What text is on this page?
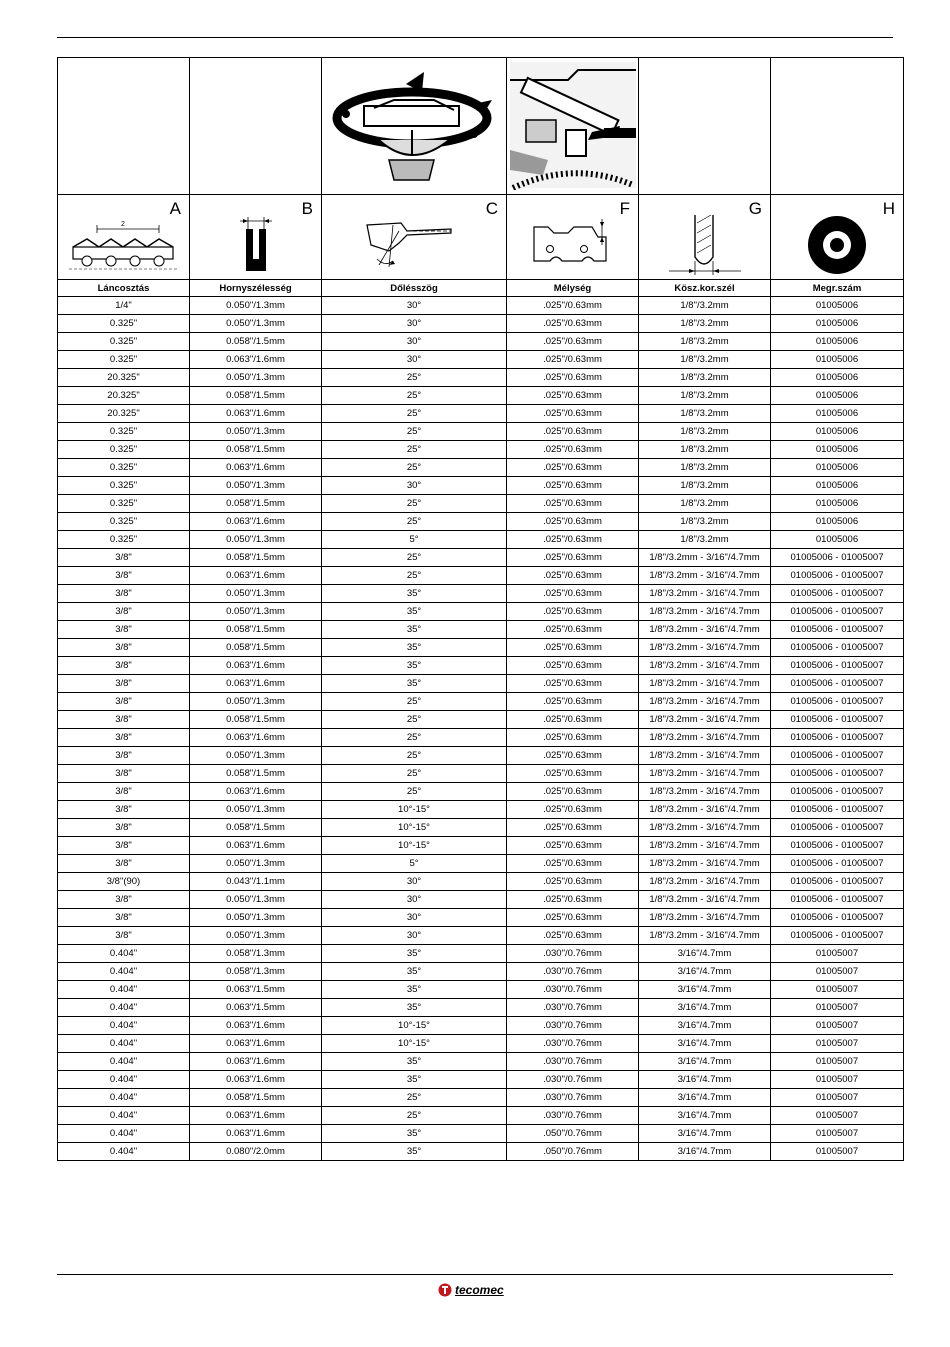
A
2	B	C	F	G	H

Láncosztás	Hornyszélesség	Dőlésszög	Mélység	Kösz.kor.szél	Megr.szám
1/4"	0.050"/1.3mm	30°	.025"/0.63mm	1/8"/3.2mm	01005006
0.325"	0.050"/1.3mm	30°	.025"/0.63mm	1/8"/3.2mm	01005006
0.325"	0.058"/1.5mm	30°	.025"/0.63mm	1/8"/3.2mm	01005006
0.325"	0.063"/1.6mm	30°	.025"/0.63mm	1/8"/3.2mm	01005006
20.325"	0.050"/1.3mm	25°	.025"/0.63mm	1/8"/3.2mm	01005006
20.325"	0.058"/1.5mm	25°	.025"/0.63mm	1/8"/3.2mm	01005006
20.325"	0.063"/1.6mm	25°	.025"/0.63mm	1/8"/3.2mm	01005006
0.325"	0.050"/1.3mm	25°	.025"/0.63mm	1/8"/3.2mm	01005006
0.325"	0.058"/1.5mm	25°	.025"/0.63mm	1/8"/3.2mm	01005006
0.325"	0.063"/1.6mm	25°	.025"/0.63mm	1/8"/3.2mm	01005006
0.325"	0.050"/1.3mm	30°	.025"/0.63mm	1/8"/3.2mm	01005006
0.325"	0.058"/1.5mm	25°	.025"/0.63mm	1/8"/3.2mm	01005006
0.325"	0.063"/1.6mm	25°	.025"/0.63mm	1/8"/3.2mm	01005006
0.325"	0.050"/1.3mm	5°	.025"/0.63mm	1/8"/3.2mm	01005006
3/8"	0.058"/1.5mm	25°	.025"/0.63mm	1/8"/3.2mm - 3/16"/4.7mm	01005006 - 01005007
3/8"	0.063"/1.6mm	25°	.025"/0.63mm	1/8"/3.2mm - 3/16"/4.7mm	01005006 - 01005007
3/8"	0.050"/1.3mm	35°	.025"/0.63mm	1/8"/3.2mm - 3/16"/4.7mm	01005006 - 01005007
3/8"	0.050"/1.3mm	35°	.025"/0.63mm	1/8"/3.2mm - 3/16"/4.7mm	01005006 - 01005007
3/8"	0.058"/1.5mm	35°	.025"/0.63mm	1/8"/3.2mm - 3/16"/4.7mm	01005006 - 01005007
3/8"	0.058"/1.5mm	35°	.025"/0.63mm	1/8"/3.2mm - 3/16"/4.7mm	01005006 - 01005007
3/8"	0.063"/1.6mm	35°	.025"/0.63mm	1/8"/3.2mm - 3/16"/4.7mm	01005006 - 01005007
3/8"	0.063"/1.6mm	35°	.025"/0.63mm	1/8"/3.2mm - 3/16"/4.7mm	01005006 - 01005007
3/8"	0.050"/1.3mm	25°	.025"/0.63mm	1/8"/3.2mm - 3/16"/4.7mm	01005006 - 01005007
3/8"	0.058"/1.5mm	25°	.025"/0.63mm	1/8"/3.2mm - 3/16"/4.7mm	01005006 - 01005007
3/8"	0.063"/1.6mm	25°	.025"/0.63mm	1/8"/3.2mm - 3/16"/4.7mm	01005006 - 01005007
3/8"	0.050"/1.3mm	25°	.025"/0.63mm	1/8"/3.2mm - 3/16"/4.7mm	01005006 - 01005007
3/8"	0.058"/1.5mm	25°	.025"/0.63mm	1/8"/3.2mm - 3/16"/4.7mm	01005006 - 01005007
3/8"	0.063"/1.6mm	25°	.025"/0.63mm	1/8"/3.2mm - 3/16"/4.7mm	01005006 - 01005007
3/8"	0.050"/1.3mm	10°-15°	.025"/0.63mm	1/8"/3.2mm - 3/16"/4.7mm	01005006 - 01005007
3/8"	0.058"/1.5mm	10°-15°	.025"/0.63mm	1/8"/3.2mm - 3/16"/4.7mm	01005006 - 01005007
3/8"	0.063"/1.6mm	10°-15°	.025"/0.63mm	1/8"/3.2mm - 3/16"/4.7mm	01005006 - 01005007
3/8"	0.050"/1.3mm	5°	.025"/0.63mm	1/8"/3.2mm - 3/16"/4.7mm	01005006 - 01005007
3/8"(90)	0.043"/1.1mm	30°	.025"/0.63mm	1/8"/3.2mm - 3/16"/4.7mm	01005006 - 01005007
3/8"	0.050"/1.3mm	30°	.025"/0.63mm	1/8"/3.2mm - 3/16"/4.7mm	01005006 - 01005007
3/8"	0.050"/1.3mm	30°	.025"/0.63mm	1/8"/3.2mm - 3/16"/4.7mm	01005006 - 01005007
3/8"	0.050"/1.3mm	30°	.025"/0.63mm	1/8"/3.2mm - 3/16"/4.7mm	01005006 - 01005007
0.404"	0.058"/1.3mm	35°	.030"/0.76mm	3/16"/4.7mm	01005007
0.404"	0.058"/1.3mm	35°	.030"/0.76mm	3/16"/4.7mm	01005007
0.404"	0.063"/1.5mm	35°	.030"/0.76mm	3/16"/4.7mm	01005007
0.404"	0.063"/1.5mm	35°	.030"/0.76mm	3/16"/4.7mm	01005007
0.404"	0.063"/1.6mm	10°-15°	.030"/0.76mm	3/16"/4.7mm	01005007
0.404"	0.063"/1.6mm	10°-15°	.030"/0.76mm	3/16"/4.7mm	01005007
0.404"	0.063"/1.6mm	35°	.030"/0.76mm	3/16"/4.7mm	01005007
0.404"	0.063"/1.6mm	35°	.030"/0.76mm	3/16"/4.7mm	01005007
0.404"	0.058"/1.5mm	25°	.030"/0.76mm	3/16"/4.7mm	01005007
0.404"	0.063"/1.6mm	25°	.030"/0.76mm	3/16"/4.7mm	01005007
0.404"	0.063"/1.6mm	35°	.050"/0.76mm	3/16"/4.7mm	01005007
0.404"	0.080"/2.0mm	35°	.050"/0.76mm	3/16"/4.7mm	01005007
tecomec
